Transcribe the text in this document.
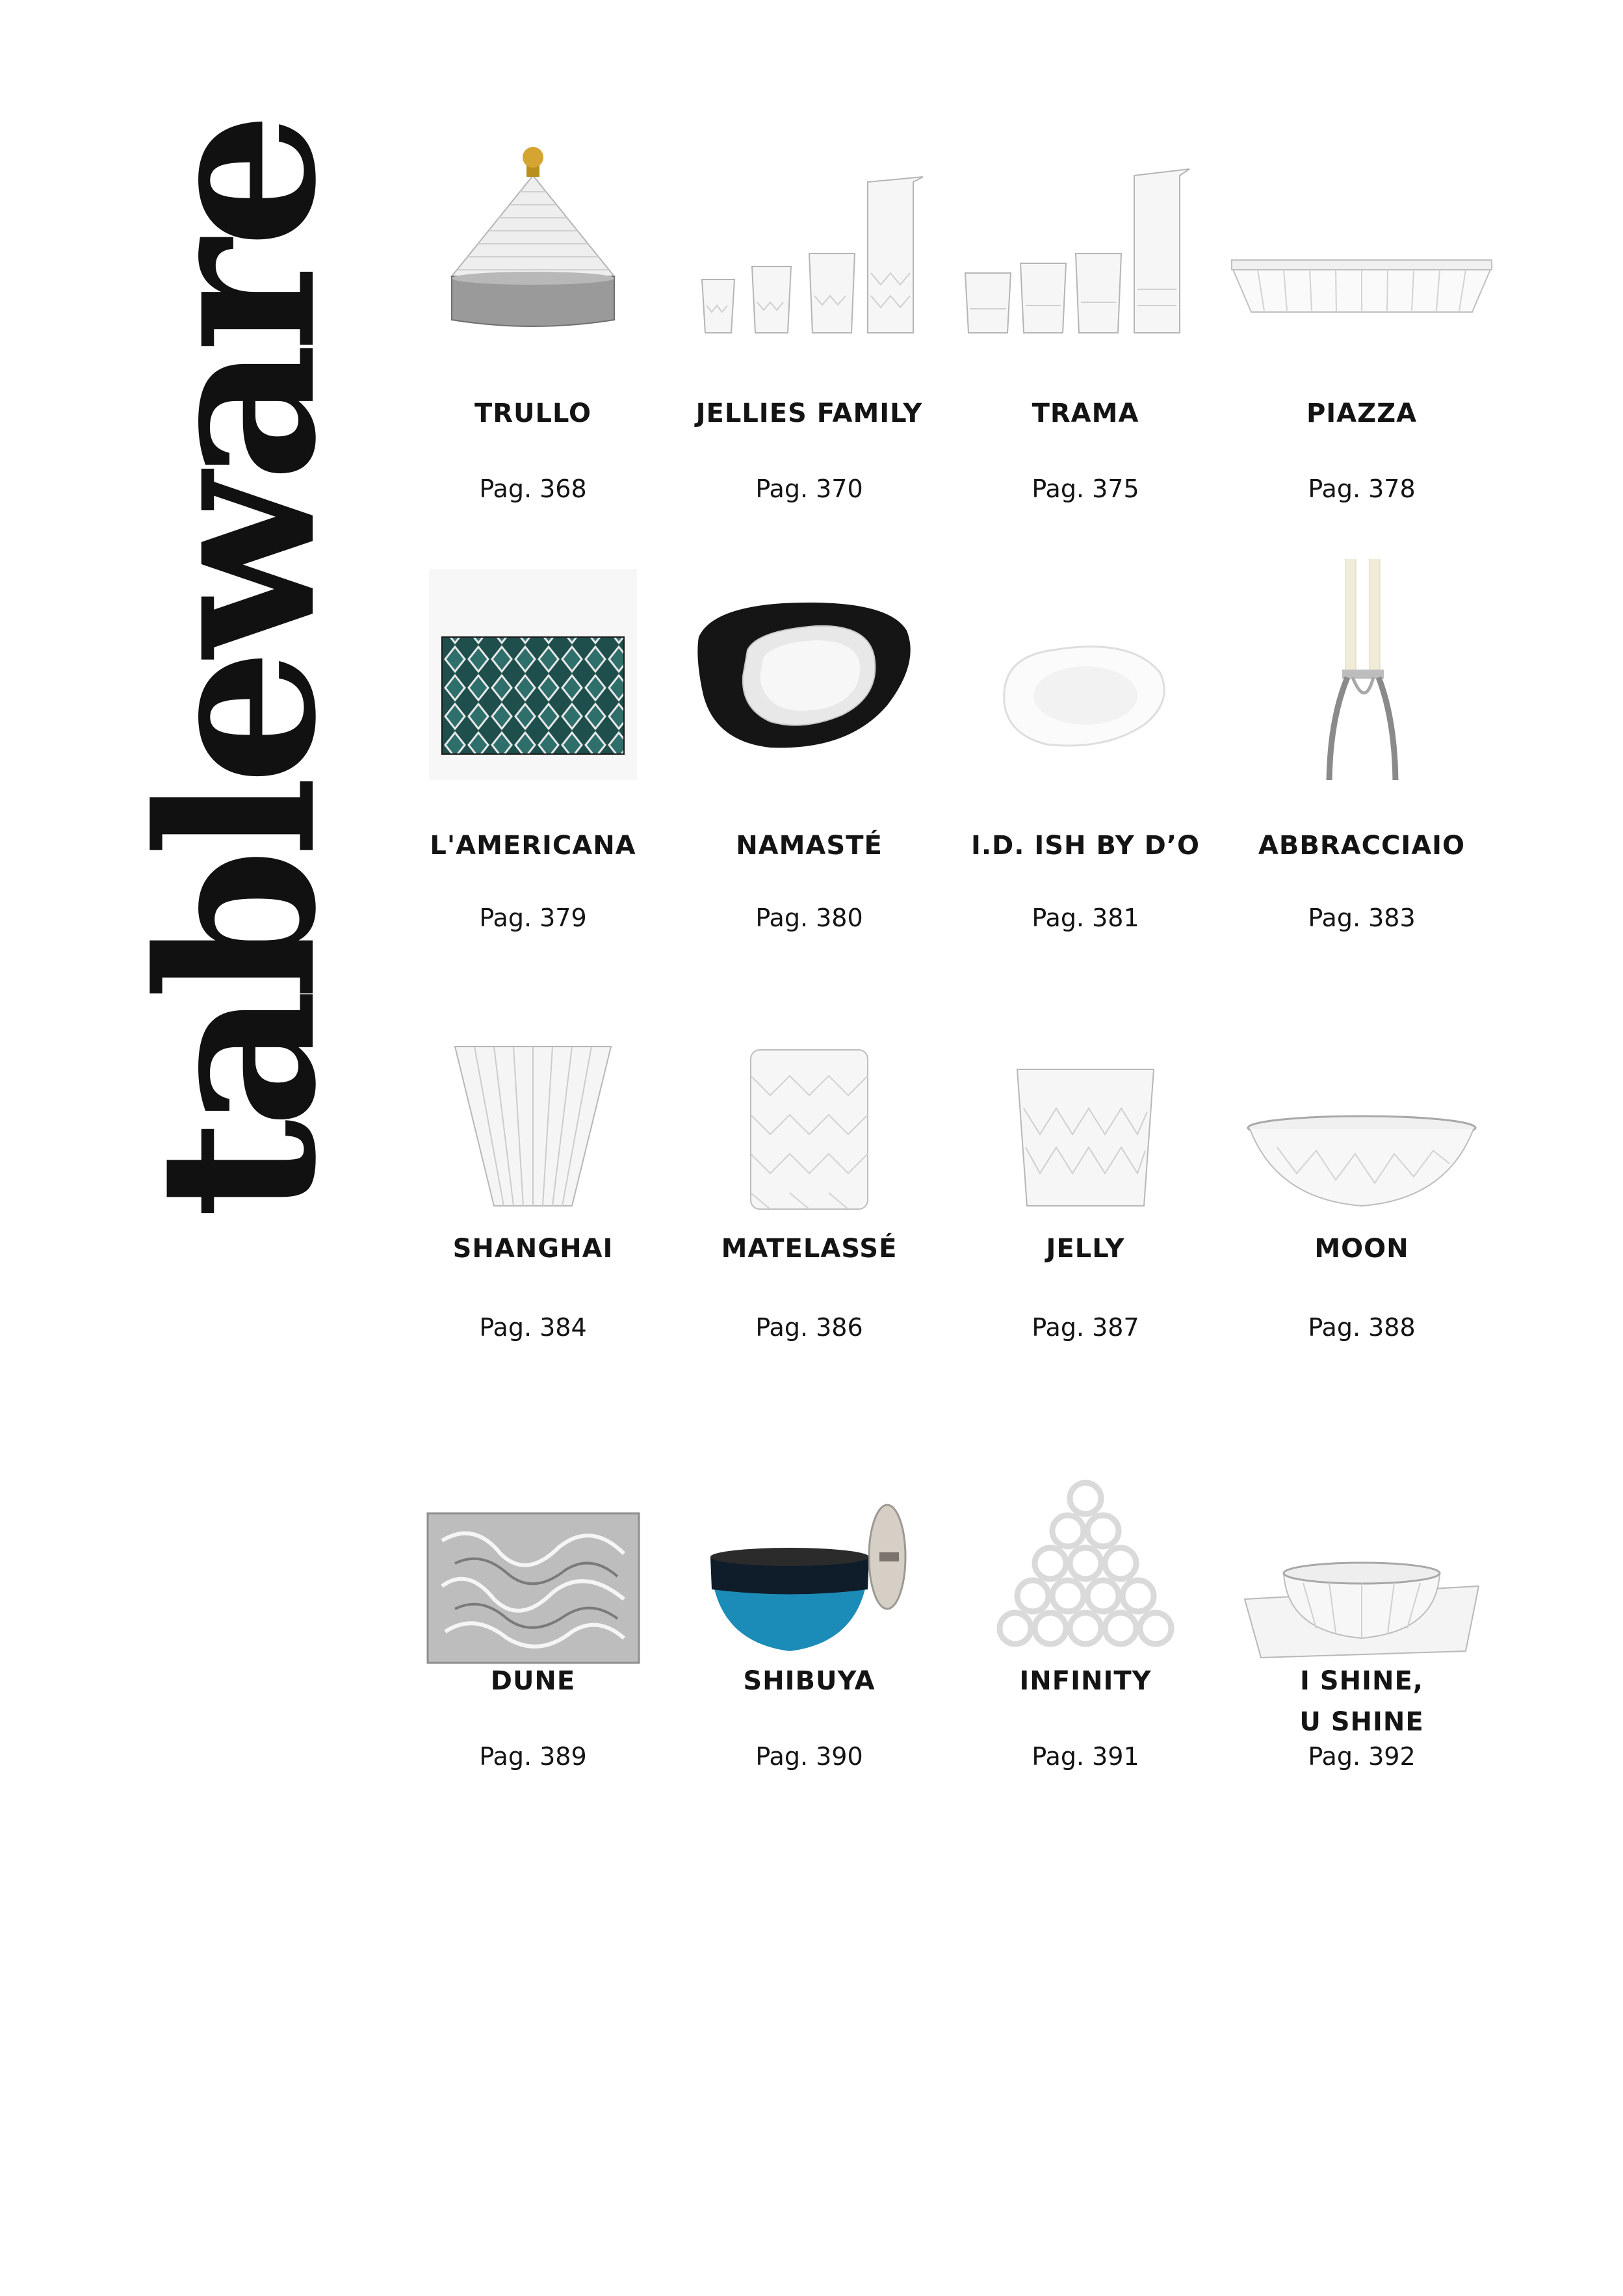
tableware	TRULLO
Pag. 368
JELLIES FAMILY
Pag. 370
TRAMA
Pag. 375
PIAZZA
Pag. 378
L'AMERICANA
Pag. 379
NAMASTÉ
Pag. 380
I.D. ISH BY D’O
Pag. 381
ABBRACCIAIO
Pag. 383
SHANGHAI
Pag. 384
MATELASSÉ
Pag. 386
JELLY
Pag. 387
MOON
Pag. 388
DUNE
Pag. 389
SHIBUYA
Pag. 390
INFINITY
Pag. 391
I SHINE,
U SHINE
Pag. 392
